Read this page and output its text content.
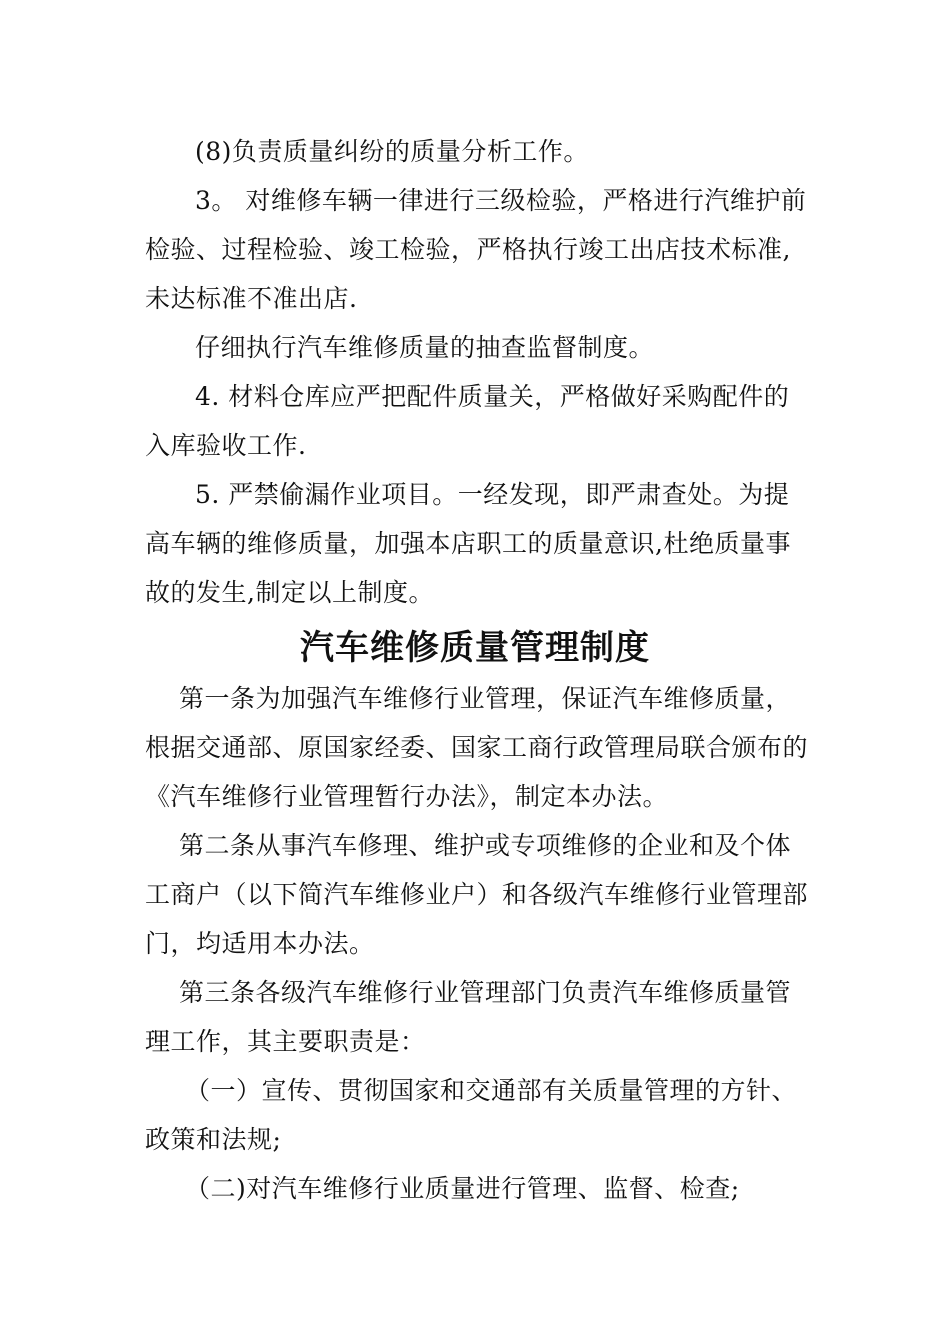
(8)负责质量纠纷的质量分析工作。

3。 对维修车辆一律进行三级检验，严格进行汽维护前检验、过程检验、竣工检验，严格执行竣工出店技术标准,未达标准不准出店.

仔细执行汽车维修质量的抽查监督制度。

4. 材料仓库应严把配件质量关，严格做好采购配件的入库验收工作.

5. 严禁偷漏作业项目。一经发现，即严肃查处。为提高车辆的维修质量，加强本店职工的质量意识,杜绝质量事故的发生,制定以上制度。

汽车维修质量管理制度

第一条为加强汽车维修行业管理，保证汽车维修质量，根据交通部、原国家经委、国家工商行政管理局联合颁布的《汽车维修行业管理暂行办法》，制定本办法。

第二条从事汽车修理、维护或专项维修的企业和及个体工商户（以下简汽车维修业户）和各级汽车维修行业管理部门，均适用本办法。

第三条各级汽车维修行业管理部门负责汽车维修质量管理工作，其主要职责是：

（一）宣传、贯彻国家和交通部有关质量管理的方针、政策和法规;

（二)对汽车维修行业质量进行管理、监督、检查;
